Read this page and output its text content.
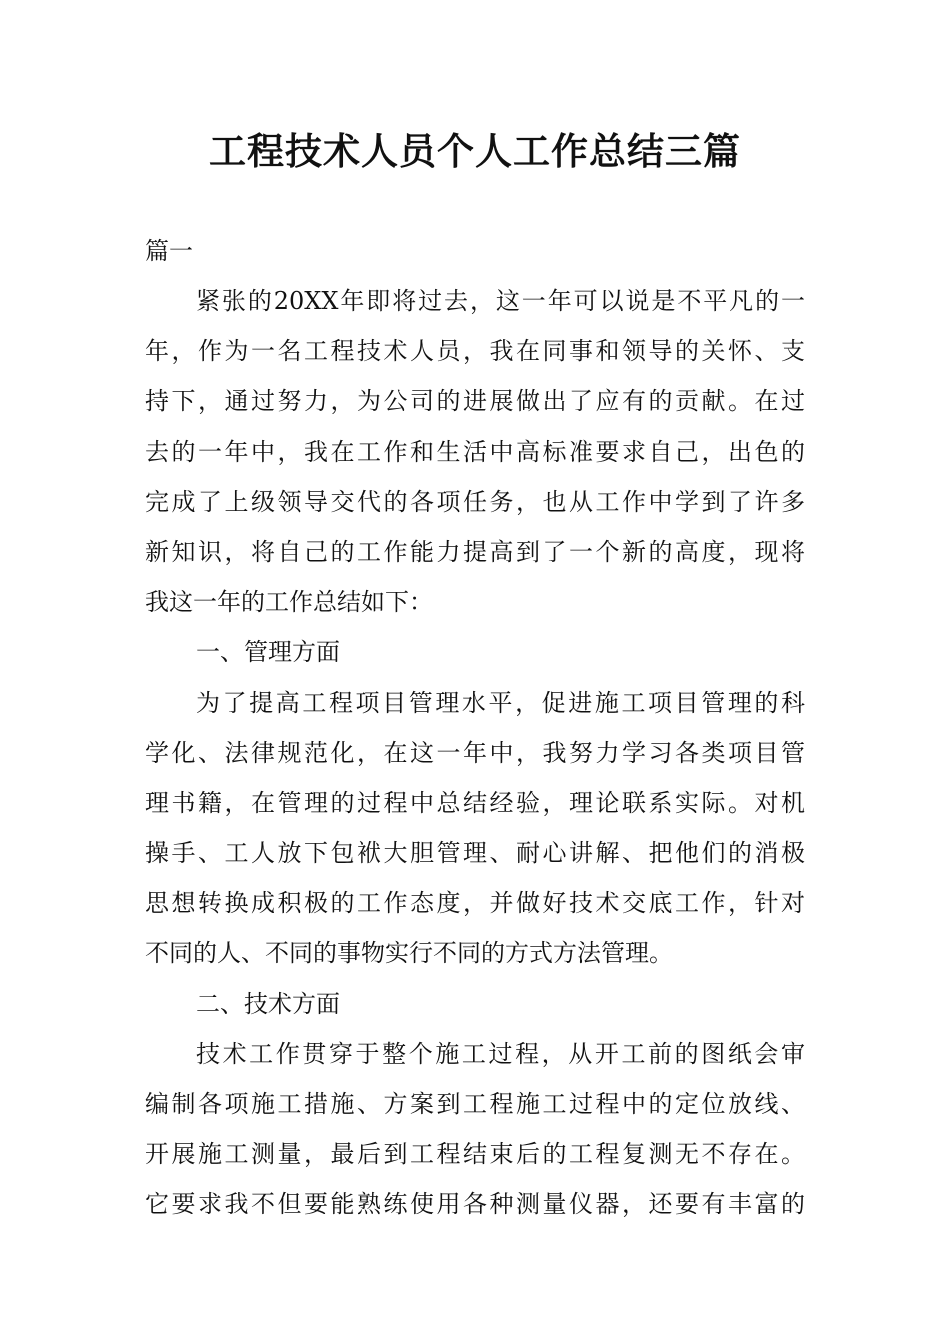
工程技术人员个人工作总结三篇

篇一

紧张的20XX年即将过去，这一年可以说是不平凡的一
年，作为一名工程技术人员，我在同事和领导的关怀、支
持下，通过努力，为公司的进展做出了应有的贡献。在过
去的一年中，我在工作和生活中高标准要求自己，出色的
完成了上级领导交代的各项任务，也从工作中学到了许多
新知识，将自己的工作能力提高到了一个新的高度，现将
我这一年的工作总结如下：
一、管理方面
为了提高工程项目管理水平，促进施工项目管理的科
学化、法律规范化，在这一年中，我努力学习各类项目管
理书籍，在管理的过程中总结经验，理论联系实际。对机
操手、工人放下包袱大胆管理、耐心讲解、把他们的消极
思想转换成积极的工作态度，并做好技术交底工作，针对
不同的人、不同的事物实行不同的方式方法管理。
二、技术方面
技术工作贯穿于整个施工过程，从开工前的图纸会审
编制各项施工措施、方案到工程施工过程中的定位放线、
开展施工测量，最后到工程结束后的工程复测无不存在。
它要求我不但要能熟练使用各种测量仪器，还要有丰富的
